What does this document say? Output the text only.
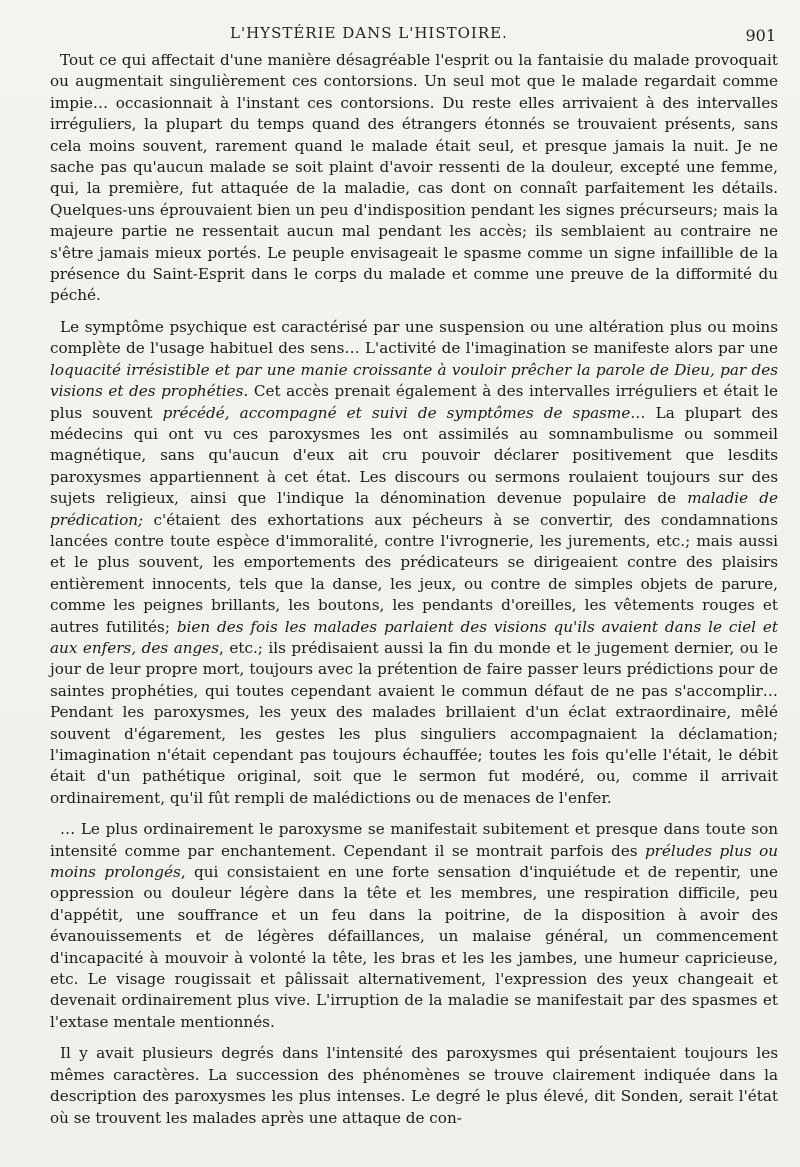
L'HYSTÉRIE DANS L'HISTOIRE.	901

Tout ce qui affectait d'une manière désagréable l'esprit ou la fantaisie du malade provoquait ou augmentait singulièrement ces contorsions. Un seul mot que le malade regardait comme impie… occasionnait à l'instant ces contorsions. Du reste elles arrivaient à des intervalles irréguliers, la plupart du temps quand des étrangers étonnés se trouvaient présents, sans cela moins souvent, rarement quand le malade était seul, et presque jamais la nuit. Je ne sache pas qu'aucun malade se soit plaint d'avoir ressenti de la douleur, excepté une femme, qui, la première, fut attaquée de la maladie, cas dont on connaît parfaitement les détails. Quelques-uns éprouvaient bien un peu d'indisposition pendant les signes précurseurs; mais la majeure partie ne ressentait aucun mal pendant les accès; ils semblaient au contraire ne s'être jamais mieux portés. Le peuple envisageait le spasme comme un signe infaillible de la présence du Saint-Esprit dans le corps du malade et comme une preuve de la difformité du péché.

Le symptôme psychique est caractérisé par une suspension ou une altération plus ou moins complète de l'usage habituel des sens… L'activité de l'imagination se manifeste alors par une loquacité irrésistible et par une manie croissante à vouloir prêcher la parole de Dieu, par des visions et des prophéties. Cet accès prenait également à des intervalles irréguliers et était le plus souvent précédé, accompagné et suivi de symptômes de spasme… La plupart des médecins qui ont vu ces paroxysmes les ont assimilés au somnambulisme ou sommeil magnétique, sans qu'aucun d'eux ait cru pouvoir déclarer positivement que lesdits paroxysmes appartiennent à cet état. Les discours ou sermons roulaient toujours sur des sujets religieux, ainsi que l'indique la dénomination devenue populaire de maladie de prédication; c'étaient des exhortations aux pécheurs à se convertir, des condamnations lancées contre toute espèce d'immoralité, contre l'ivrognerie, les jurements, etc.; mais aussi et le plus souvent, les emportements des prédicateurs se dirigeaient contre des plaisirs entièrement innocents, tels que la danse, les jeux, ou contre de simples objets de parure, comme les peignes brillants, les boutons, les pendants d'oreilles, les vêtements rouges et autres futilités; bien des fois les malades parlaient des visions qu'ils avaient dans le ciel et aux enfers, des anges, etc.; ils prédisaient aussi la fin du monde et le jugement dernier, ou le jour de leur propre mort, toujours avec la prétention de faire passer leurs prédictions pour de saintes prophéties, qui toutes cependant avaient le commun défaut de ne pas s'accomplir… Pendant les paroxysmes, les yeux des malades brillaient d'un éclat extraordinaire, mêlé souvent d'égarement, les gestes les plus singuliers accompagnaient la déclamation; l'imagination n'était cependant pas toujours échauffée; toutes les fois qu'elle l'était, le débit était d'un pathétique original, soit que le sermon fut modéré, ou, comme il arrivait ordinairement, qu'il fût rempli de malédictions ou de menaces de l'enfer.

… Le plus ordinairement le paroxysme se manifestait subitement et presque dans toute son intensité comme par enchantement. Cependant il se montrait parfois des préludes plus ou moins prolongés, qui consistaient en une forte sensation d'inquiétude et de repentir, une oppression ou douleur légère dans la tête et les membres, une respiration difficile, peu d'appétit, une souffrance et un feu dans la poitrine, de la disposition à avoir des évanouissements et de légères défaillances, un malaise général, un commencement d'incapacité à mouvoir à volonté la tête, les bras et les les jambes, une humeur capricieuse, etc. Le visage rougissait et pâlissait alternativement, l'expression des yeux changeait et devenait ordinairement plus vive. L'irruption de la maladie se manifestait par des spasmes et l'extase mentale mentionnés.

Il y avait plusieurs degrés dans l'intensité des paroxysmes qui présentaient toujours les mêmes caractères. La succession des phénomènes se trouve clairement indiquée dans la description des paroxysmes les plus intenses. Le degré le plus élevé, dit Sonden, serait l'état où se trouvent les malades après une attaque de con-
